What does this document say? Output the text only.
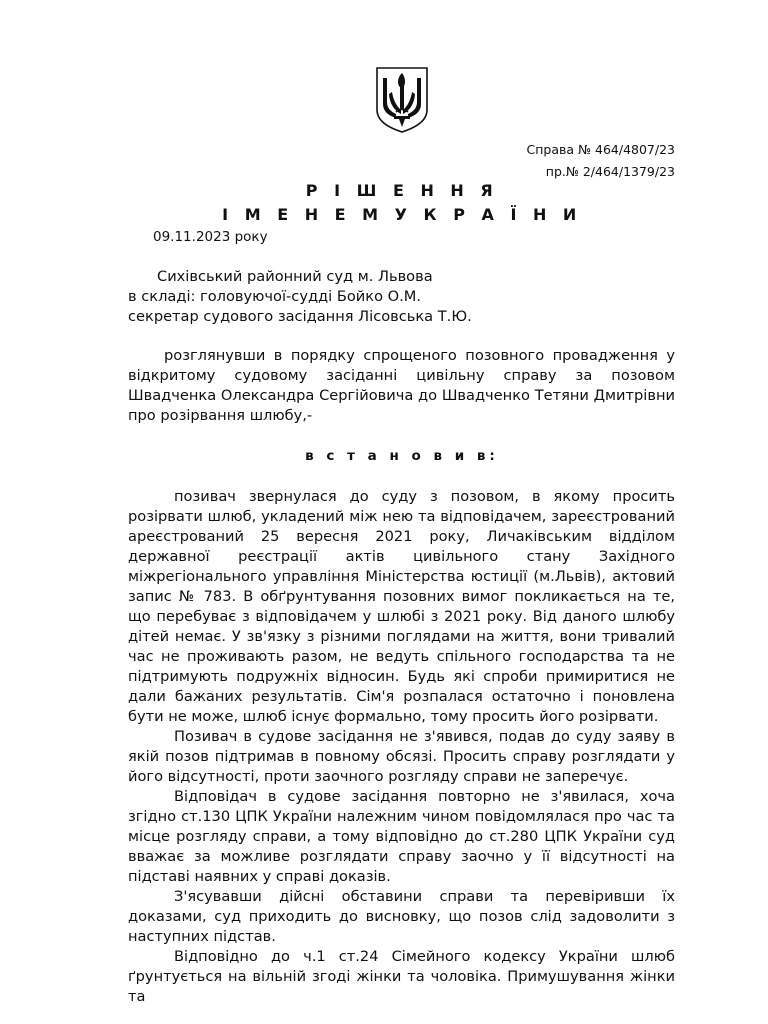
Справа № 464/4807/23
пр.№ 2/464/1379/23
Р І Ш Е Н Н Я
І М Е Н Е М У К Р А Ї Н И
09.11.2023 року
Сихівський районний суд м. Львова
в складі: головуючої-судді Бойко О.М.
секретар судового засідання Лісовська Т.Ю.

розглянувши в порядку спрощеного позовного провадження у відкритому судовому засіданні цивільну справу за позовом Швадченка Олександра Сергійовича до Швадченко Тетяни Дмитрівни про розірвання шлюбу,-

в с т а н о в и в:

позивач звернулася до суду з позовом, в якому просить розірвати шлюб, укладений між нею та відповідачем, зареєстрований ареєстрований 25 вересня 2021 року, Личаківським відділом державної реєстрації актів цивільного стану Західного міжрегіонального управління Міністерства юстиції (м.Львів), актовий запис № 783. В обґрунтування позовних вимог покликається на те, що перебуває з відповідачем у шлюбі з 2021 року. Від даного шлюбу дітей немає. У зв'язку з різними поглядами на життя, вони тривалий час не проживають разом, не ведуть спільного господарства та не підтримують подружніх відносин. Будь які спроби примиритися не дали бажаних результатів. Сім'я розпалася остаточно і поновлена бути не може, шлюб існує формально, тому просить його розірвати.

Позивач в судове засідання не з'явився, подав до суду заяву в якій позов підтримав в повному обсязі. Просить справу розглядати у його відсутності, проти заочного розгляду справи не заперечує.

Відповідач в судове засідання повторно не з'явилася, хоча згідно ст.130 ЦПК України належним чином повідомлялася про час та місце розгляду справи, а тому відповідно до ст.280 ЦПК України суд вважає за можливе розглядати справу заочно у її відсутності на підставі наявних у справі доказів.

З'ясувавши дійсні обставини справи та перевіривши їх доказами, суд приходить до висновку, що позов слід задоволити з наступних підстав.

Відповідно до ч.1 ст.24 Сімейного кодексу України шлюб ґрунтується на вільній згоді жінки та чоловіка. Примушування жінки та
